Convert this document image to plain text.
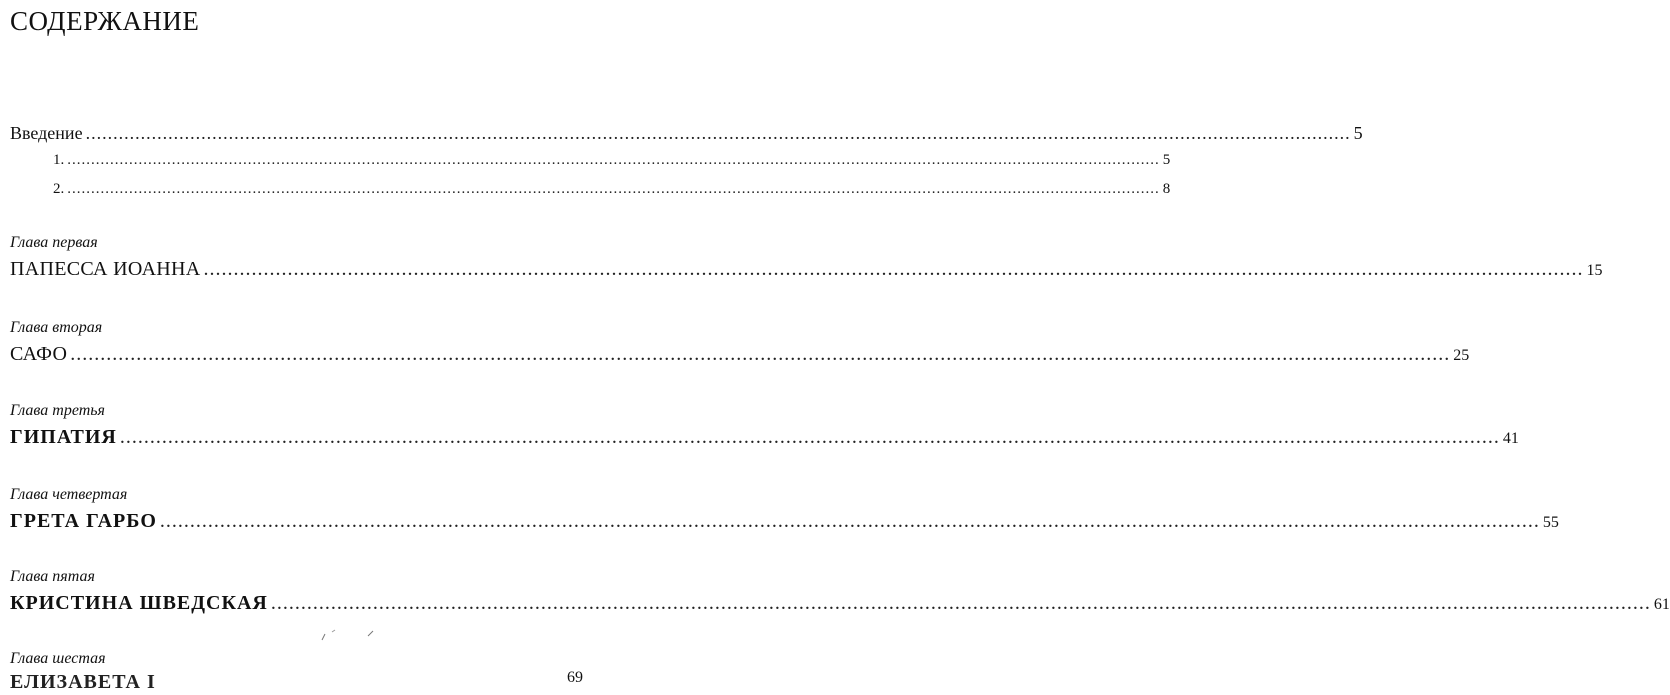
СОДЕРЖАНИЕ
Введение .....	5
1. .....	5
2. .....	8
Глава первая
ПАПЕССА ИОАННА .....	15
Глава вторая
САФО .....	25
Глава третья
ГИПАТИЯ .....	41
Глава четвертая
ГРЕТА ГАРБО .....	55
Глава пятая
КРИСТИНА ШВЕДСКАЯ .....	61
Глава шестая
ЕЛИЗАВЕТА I	69
